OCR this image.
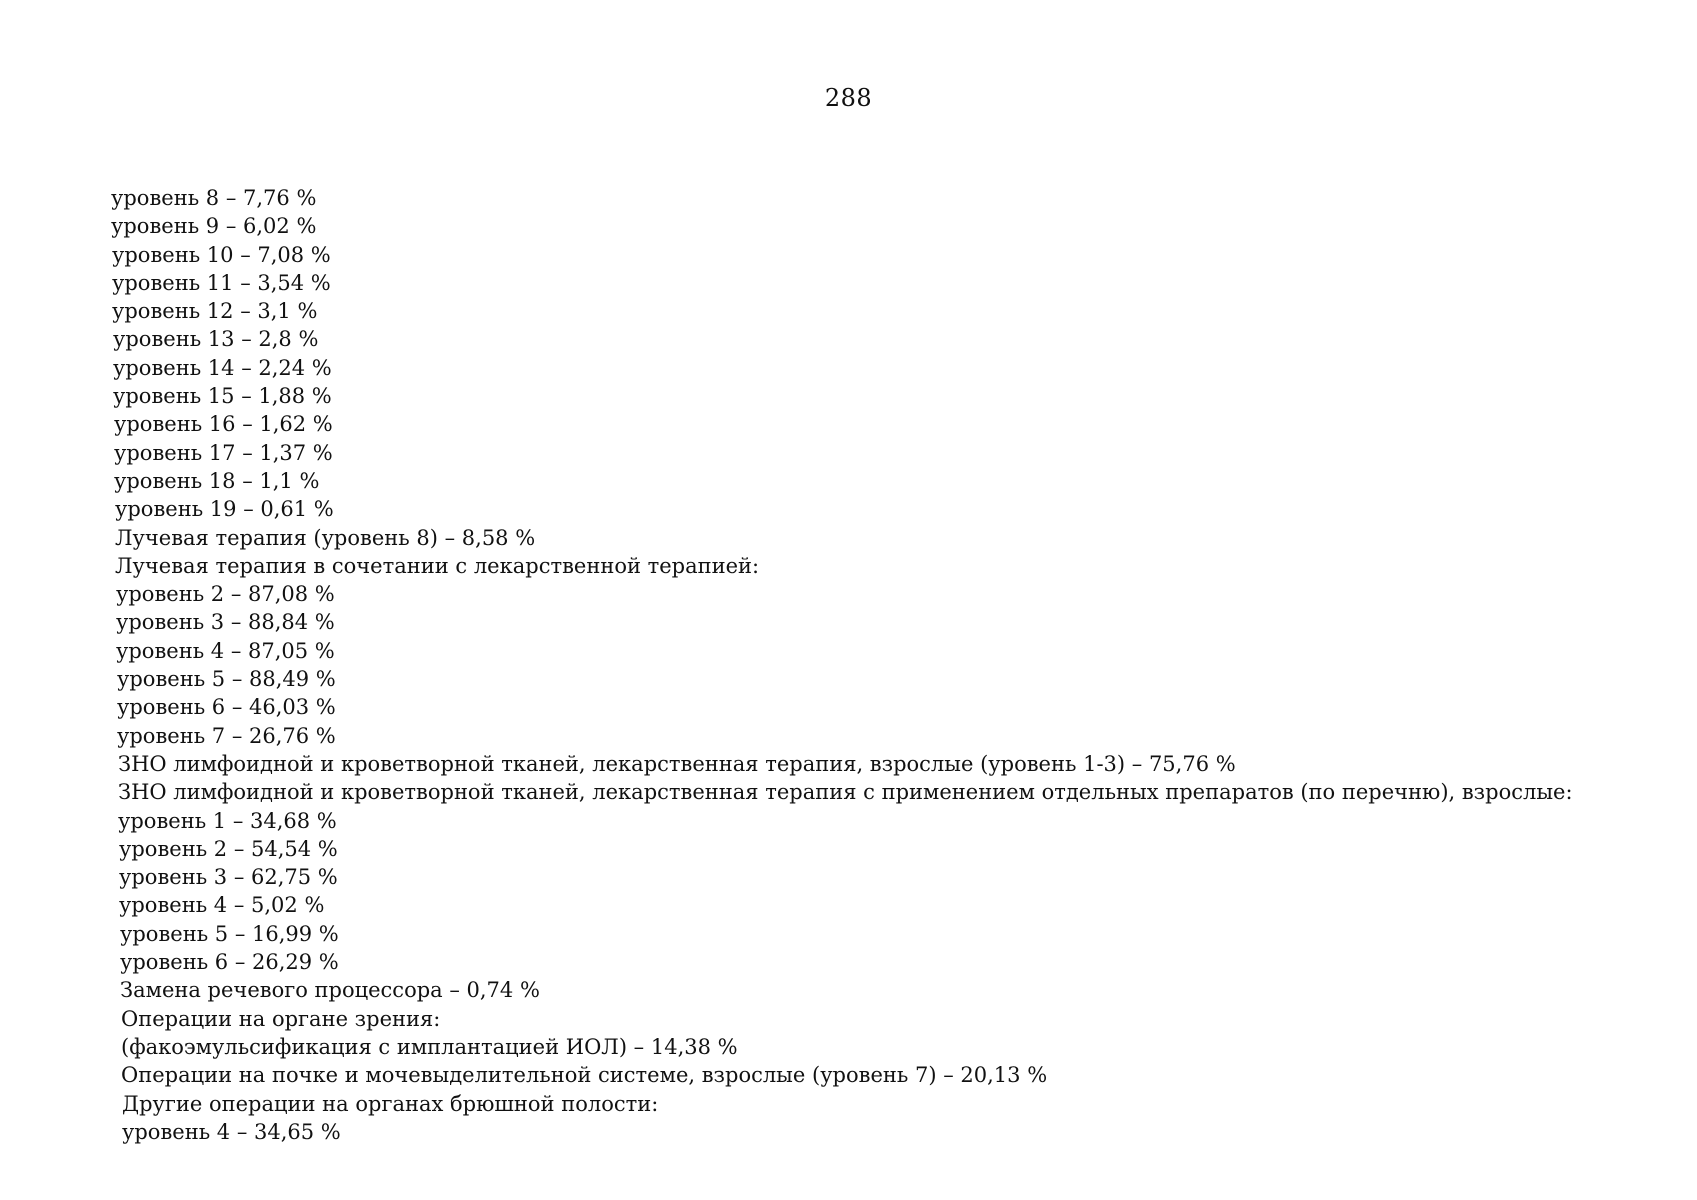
288
уровень 8 – 7,76 %
уровень 9 – 6,02 %
уровень 10 – 7,08 %
уровень 11 – 3,54 %
уровень 12 – 3,1 %
уровень 13 – 2,8 %
уровень 14 – 2,24 %
уровень 15 – 1,88 %
уровень 16 – 1,62 %
уровень 17 – 1,37 %
уровень 18 – 1,1 %
уровень 19 – 0,61 %
Лучевая терапия (уровень 8) – 8,58 %
Лучевая терапия в сочетании с лекарственной терапией:
уровень 2 – 87,08 %
уровень 3 – 88,84 %
уровень 4 – 87,05 %
уровень 5 – 88,49 %
уровень 6 – 46,03 %
уровень 7 – 26,76 %
ЗНО лимфоидной и кроветворной тканей, лекарственная терапия, взрослые (уровень 1-3) – 75,76 %
ЗНО лимфоидной и кроветворной тканей, лекарственная терапия с применением отдельных препаратов (по перечню), взрослые:
уровень 1 – 34,68 %
уровень 2 – 54,54 %
уровень 3 – 62,75 %
уровень 4 – 5,02 %
уровень 5 – 16,99 %
уровень 6 – 26,29 %
Замена речевого процессора – 0,74 %
Операции на органе зрения:
(факоэмульсификация с имплантацией ИОЛ) – 14,38 %
Операции на почке и мочевыделительной системе, взрослые (уровень 7) – 20,13 %
Другие операции на органах брюшной полости:
уровень 4 – 34,65 %
